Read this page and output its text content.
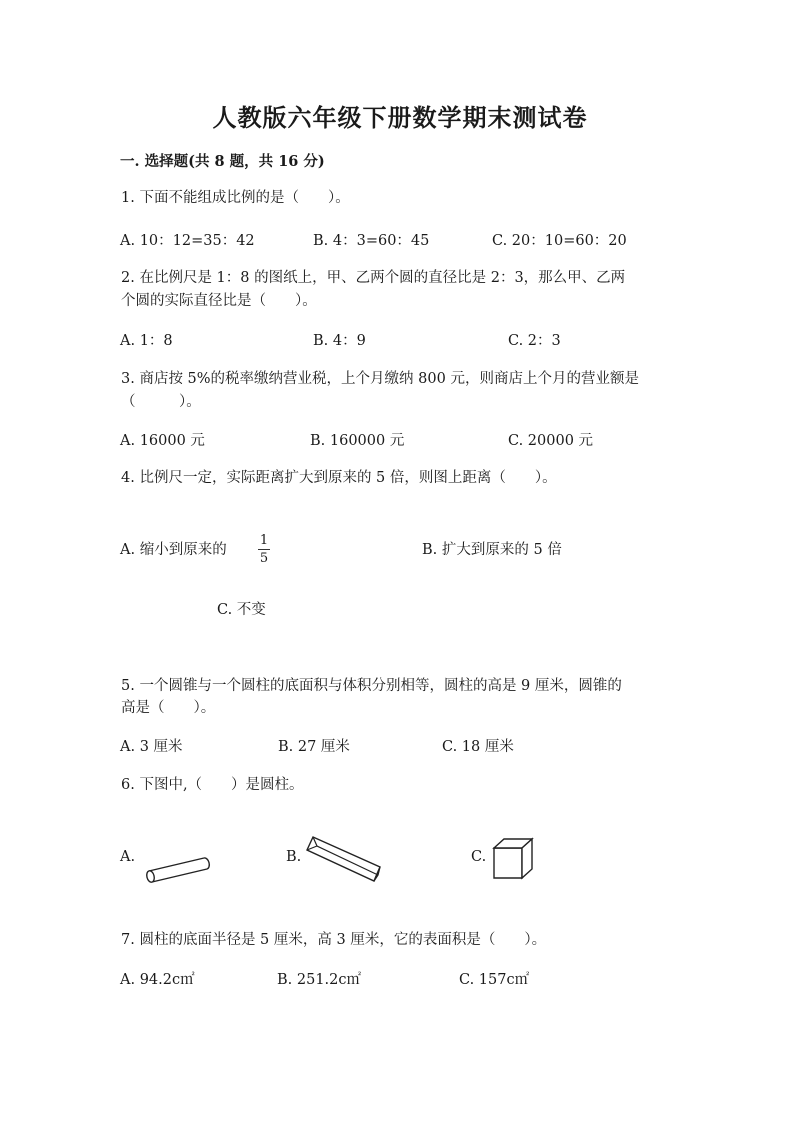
人教版六年级下册数学期末测试卷
一. 选择题(共 8 题，共 16 分)
1. 下面不能组成比例的是（　　）。
A. 10：12=35：42	B. 4：3=60：45	C. 20：10=60：20
2. 在比例尺是 1：8 的图纸上，甲、乙两个圆的直径比是 2：3，那么甲、乙两
个圆的实际直径比是（　　）。
A. 1：8	B. 4：9	C. 2：3
3. 商店按 5%的税率缴纳营业税，上个月缴纳 800 元，则商店上个月的营业额是
（　　　）。
A. 16000 元	B. 160000 元	C. 20000 元
4. 比例尺一定，实际距离扩大到原来的 5 倍，则图上距离（　　）。
A. 缩小到原来的
1
5
B. 扩大到原来的 5 倍
C. 不变
5. 一个圆锥与一个圆柱的底面积与体积分别相等，圆柱的高是 9 厘米，圆锥的
高是（　　）。
A. 3 厘米	B. 27 厘米	C. 18 厘米
6. 下图中,（　　）是圆柱。
A.	B.	C.
7. 圆柱的底面半径是 5 厘米，高 3 厘米，它的表面积是（　　）。
A. 94.2c㎡	B. 251.2c㎡	C. 157c㎡
